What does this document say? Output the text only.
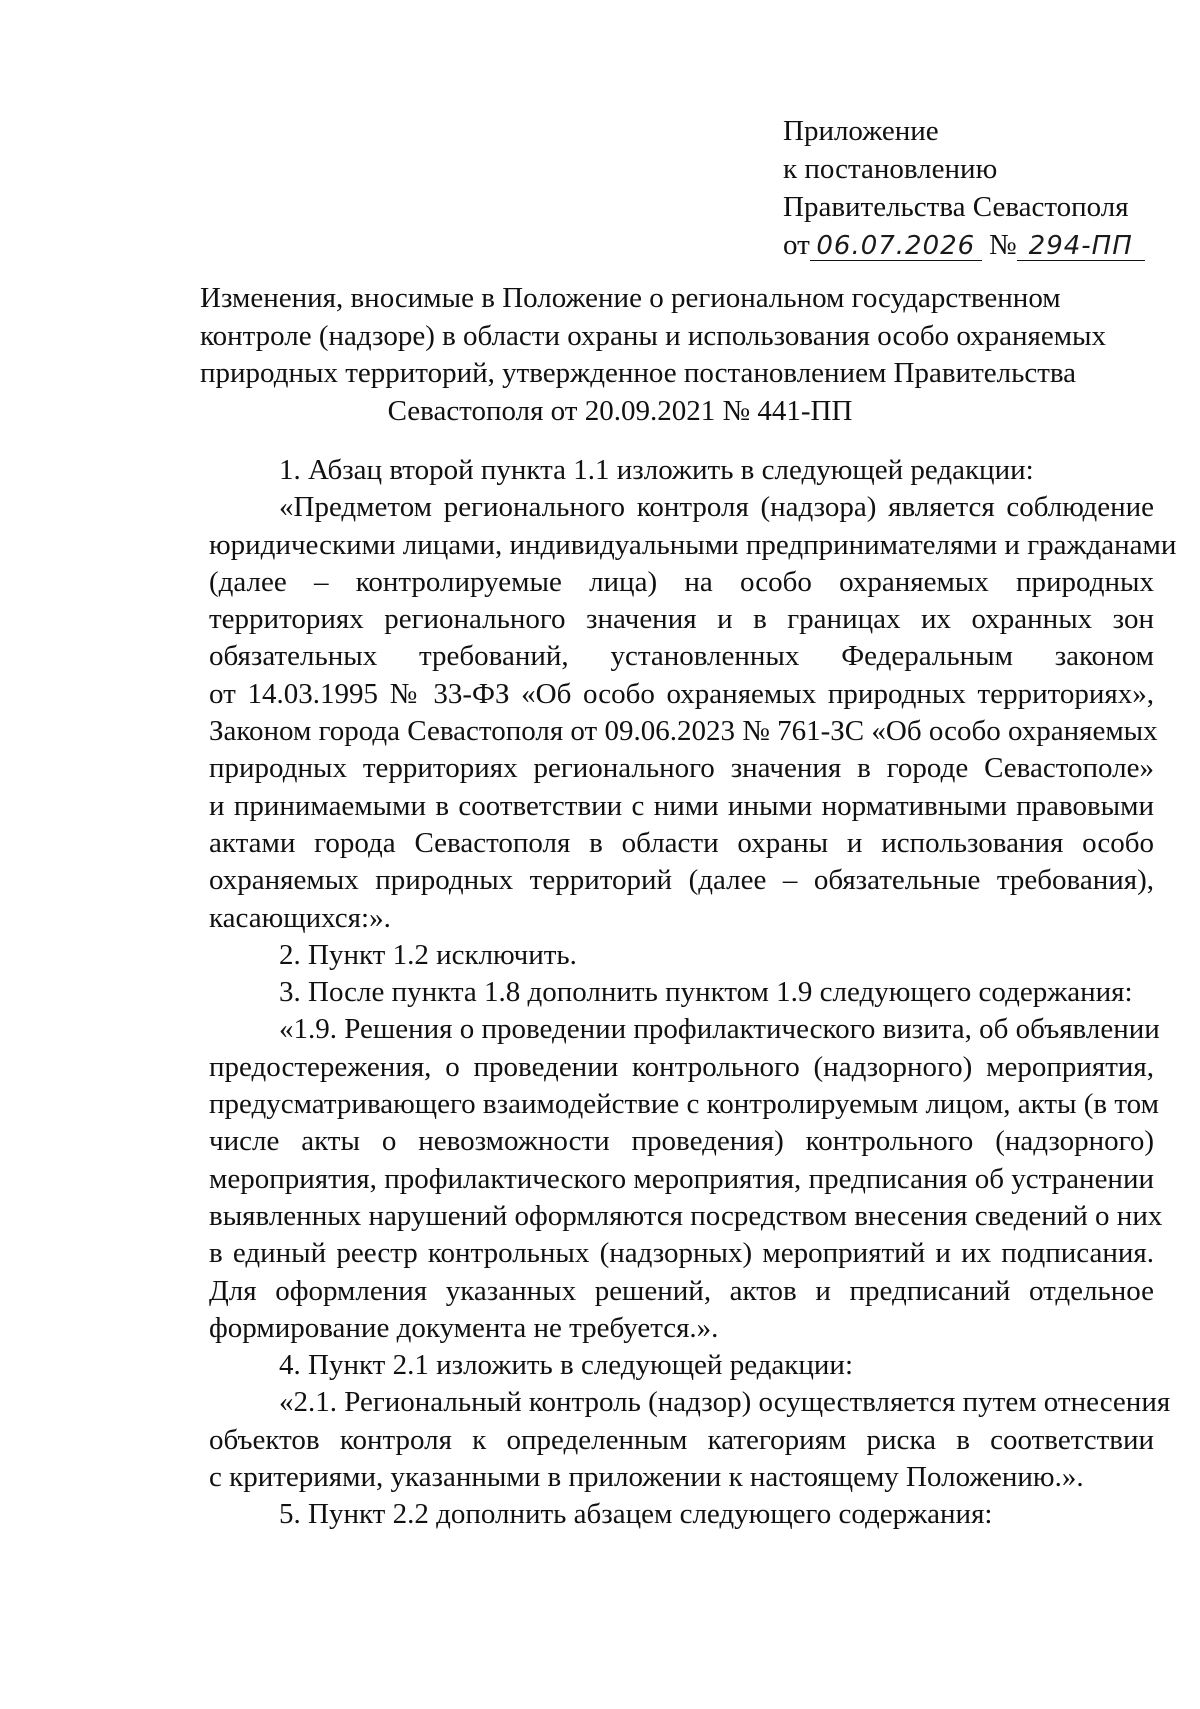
Приложение
к постановлению
Правительства Севастополя
от 06.07.2026 № 294-ПП
Изменения, вносимые в Положение о региональном государственном
контроле (надзоре) в области охраны и использования особо охраняемых
природных территорий, утвержденное постановлением Правительства
Севастополя от 20.09.2021 № 441-ПП
1. Абзац второй пункта 1.1 изложить в следующей редакции:
«Предметом регионального контроля (надзора) является соблюдение
юридическими лицами, индивидуальными предпринимателями и гражданами
(далее – контролируемые лица) на особо охраняемых природных
территориях регионального значения и в границах их охранных зон
обязательных требований, установленных Федеральным законом
от 14.03.1995 № 33-ФЗ «Об особо охраняемых природных территориях»,
Законом города Севастополя от 09.06.2023 № 761-ЗС «Об особо охраняемых
природных территориях регионального значения в городе Севастополе»
и принимаемыми в соответствии с ними иными нормативными правовыми
актами города Севастополя в области охраны и использования особо
охраняемых природных территорий (далее – обязательные требования),
касающихся:».
2. Пункт 1.2 исключить.
3. После пункта 1.8 дополнить пунктом 1.9 следующего содержания:
«1.9. Решения о проведении профилактического визита, об объявлении
предостережения, о проведении контрольного (надзорного) мероприятия,
предусматривающего взаимодействие с контролируемым лицом, акты (в том
числе акты о невозможности проведения) контрольного (надзорного)
мероприятия, профилактического мероприятия, предписания об устранении
выявленных нарушений оформляются посредством внесения сведений о них
в единый реестр контрольных (надзорных) мероприятий и их подписания.
Для оформления указанных решений, актов и предписаний отдельное
формирование документа не требуется.».
4. Пункт 2.1 изложить в следующей редакции:
«2.1. Региональный контроль (надзор) осуществляется путем отнесения
объектов контроля к определенным категориям риска в соответствии
с критериями, указанными в приложении к настоящему Положению.».
5. Пункт 2.2 дополнить абзацем следующего содержания:
